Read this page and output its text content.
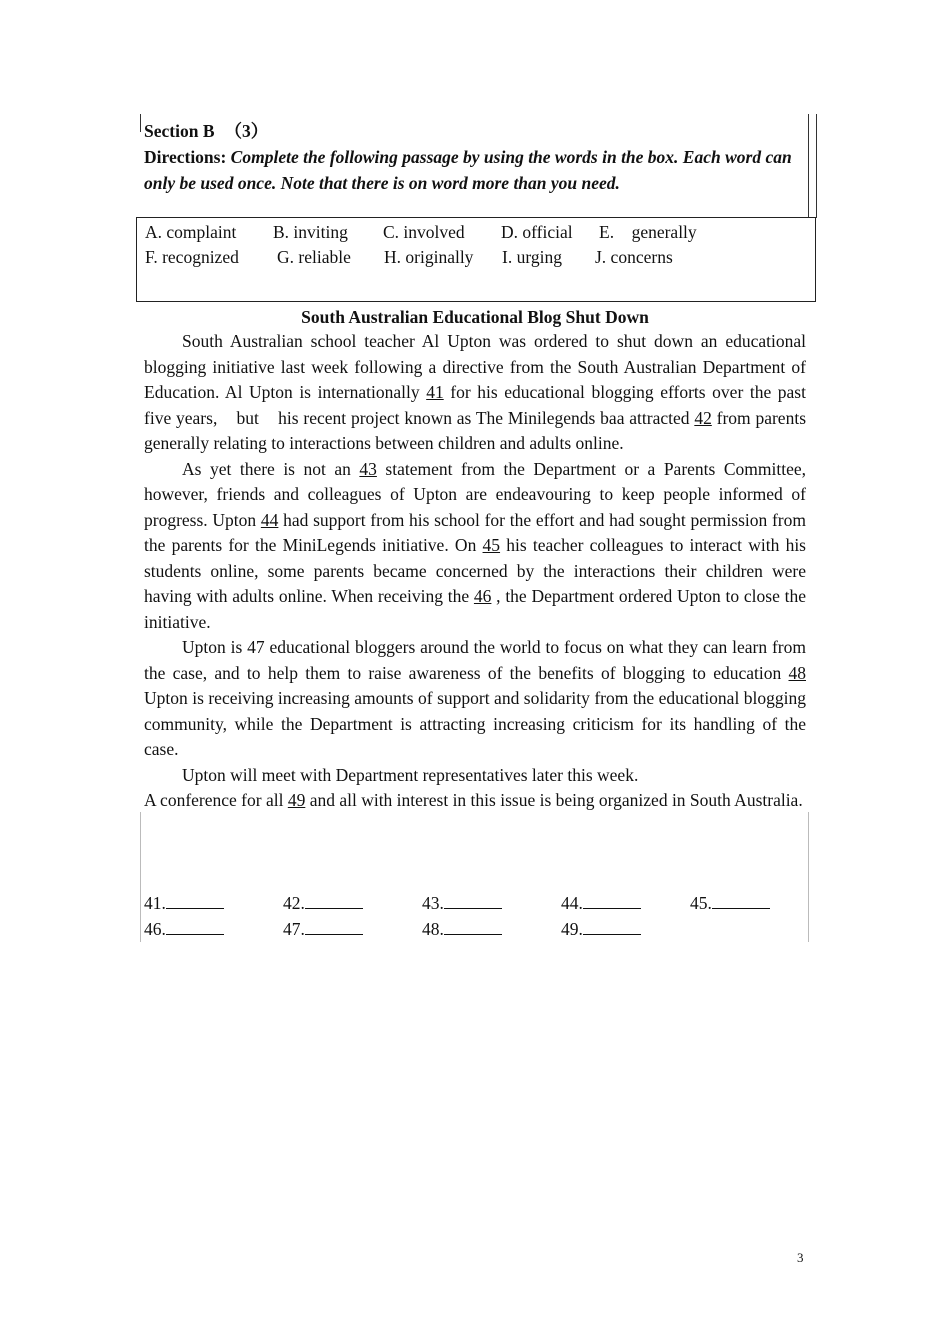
Section B （3）
Directions: Complete the following passage by using the words in the box. Each word can only be used once. Note that there is on word more than you need.
A. complaint B. inviting C. involved D. official E.    generally
F. recognized G. reliable H. originally I. urging J. concerns
South Australian Educational Blog Shut Down

South Australian school teacher Al Upton was ordered to shut down an educational blogging initiative last week following a directive from the South Australian Department of Education. Al Upton is internationally 41 for his educational blogging efforts over the past five years,    but    his recent project known as The Minilegends baa attracted 42 from parents generally relating to interactions between children and adults online.

As yet there is not an 43 statement from the Department or a Parents Committee, however, friends and colleagues of Upton are endeavouring to keep people informed of progress. Upton 44 had support from his school for the effort and had sought permission from the parents for the MiniLegends initiative. On 45 his teacher colleagues to interact with his students online, some parents became concerned by the interactions their children were having with adults online. When receiving the 46 , the Department ordered Upton to close the initiative.

Upton is 47 educational bloggers around the world to focus on what they can learn from the case, and to help them to raise awareness of the benefits of blogging to education 48 Upton is receiving increasing amounts of support and solidarity from the educational blogging community, while the Department is attracting increasing criticism for its handling of the case.

Upton will meet with Department representatives later this week.

A conference for all 49 and all with interest in this issue is being organized in South Australia.

41.	42.	43.	44.	45.
46.	47.	48.	49.
3
